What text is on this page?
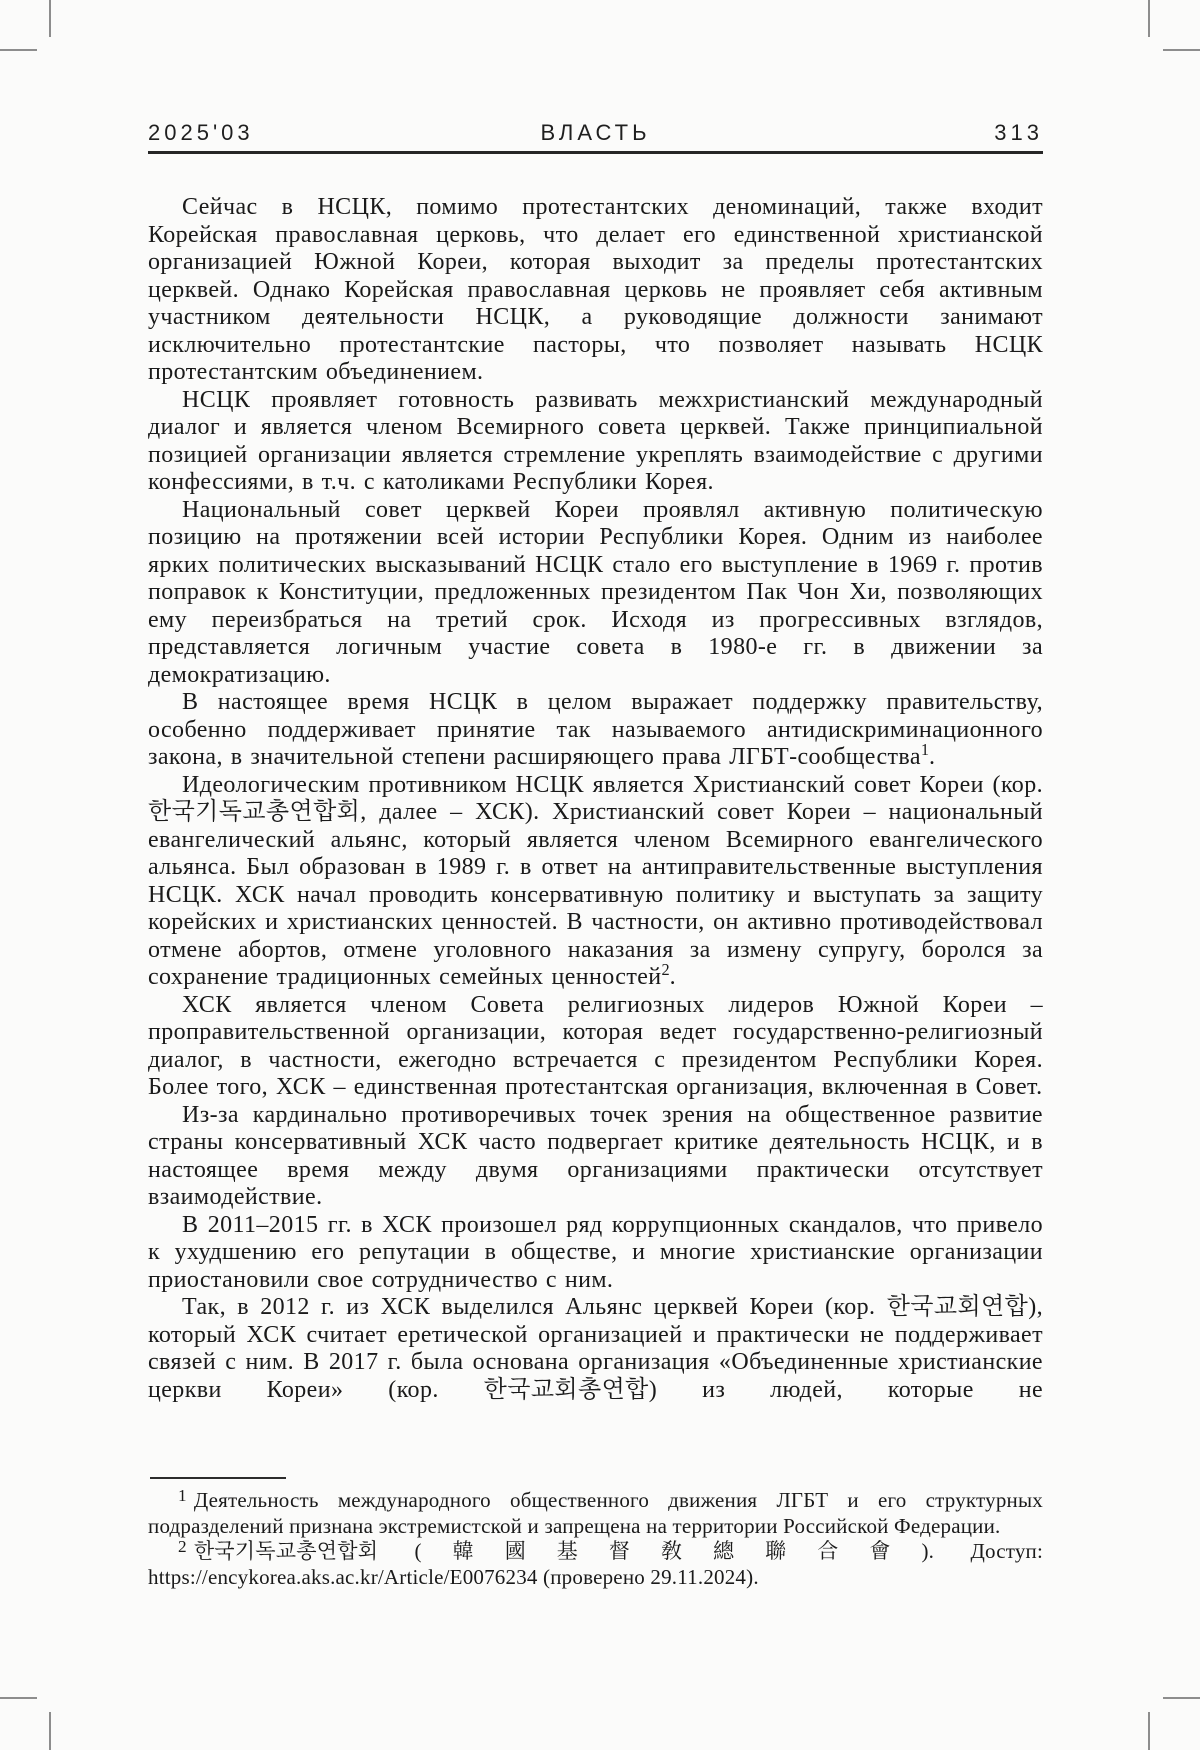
2025'03	ВЛАСТЬ	313

Сейчас в НСЦК, помимо протестантских деноминаций, также входит Корейская православная церковь, что делает его единственной христианской организацией Южной Кореи, которая выходит за пределы протестантских церквей. Однако Корейская православная церковь не проявляет себя активным участником деятельности НСЦК, а руководящие должности занимают исключительно протестантские пасторы, что позволяет называть НСЦК протестантским объединением.

НСЦК проявляет готовность развивать межхристианский международный диалог и является членом Всемирного совета церквей. Также принципиальной позицией организации является стремление укреплять взаимодействие с другими конфессиями, в т.ч. с католиками Республики Корея.

Национальный совет церквей Кореи проявлял активную политическую позицию на протяжении всей истории Республики Корея. Одним из наиболее ярких политических высказываний НСЦК стало его выступление в 1969 г. против поправок к Конституции, предложенных президентом Пак Чон Хи, позволяющих ему переизбраться на третий срок. Исходя из прогрессивных взглядов, представляется логичным участие совета в 1980-е гг. в движении за демократизацию.

В настоящее время НСЦК в целом выражает поддержку правительству, особенно поддерживает принятие так называемого антидискриминационного закона, в значительной степени расширяющего права ЛГБТ-сообщества$^1$.

Идеологическим противником НСЦК является Христианский совет Кореи (кор. 한국기독교총연합회, далее – ХСК). Христианский совет Кореи – национальный евангелический альянс, который является членом Всемирного евангелического альянса. Был образован в 1989 г. в ответ на антиправительственные выступления НСЦК. ХСК начал проводить консервативную политику и выступать за защиту корейских и христианских ценностей. В частности, он активно противодействовал отмене абортов, отмене уголовного наказания за измену супругу, боролся за сохранение традиционных семейных ценностей$^2$.

ХСК является членом Совета религиозных лидеров Южной Кореи – проправительственной организации, которая ведет государственно-религиозный диалог, в частности, ежегодно встречается с президентом Республики Корея. Более того, ХСК – единственная протестантская организация, включенная в Совет.

Из-за кардинально противоречивых точек зрения на общественное развитие страны консервативный ХСК часто подвергает критике деятельность НСЦК, и в настоящее время между двумя организациями практически отсутствует взаимодействие.

В 2011–2015 гг. в ХСК произошел ряд коррупционных скандалов, что привело к ухудшению его репутации в обществе, и многие христианские организации приостановили свое сотрудничество с ним.

Так, в 2012 г. из ХСК выделился Альянс церквей Кореи (кор. 한국교회연합), который ХСК считает еретической организацией и практически не поддерживает связей с ним. В 2017 г. была основана организация «Объединенные христианские церкви Кореи» (кор. 한국교회총연합) из людей, которые не

$^1$ Деятельность международного общественного движения ЛГБТ и его структурных подразделений признана экстремистской и запрещена на территории Российской Федерации.

$^2$ 한국기독교총연합회 (韓國基督敎總聯合會). Доступ: https://encykorea.aks.ac.kr/Article/E0076234 (проверено 29.11.2024).
